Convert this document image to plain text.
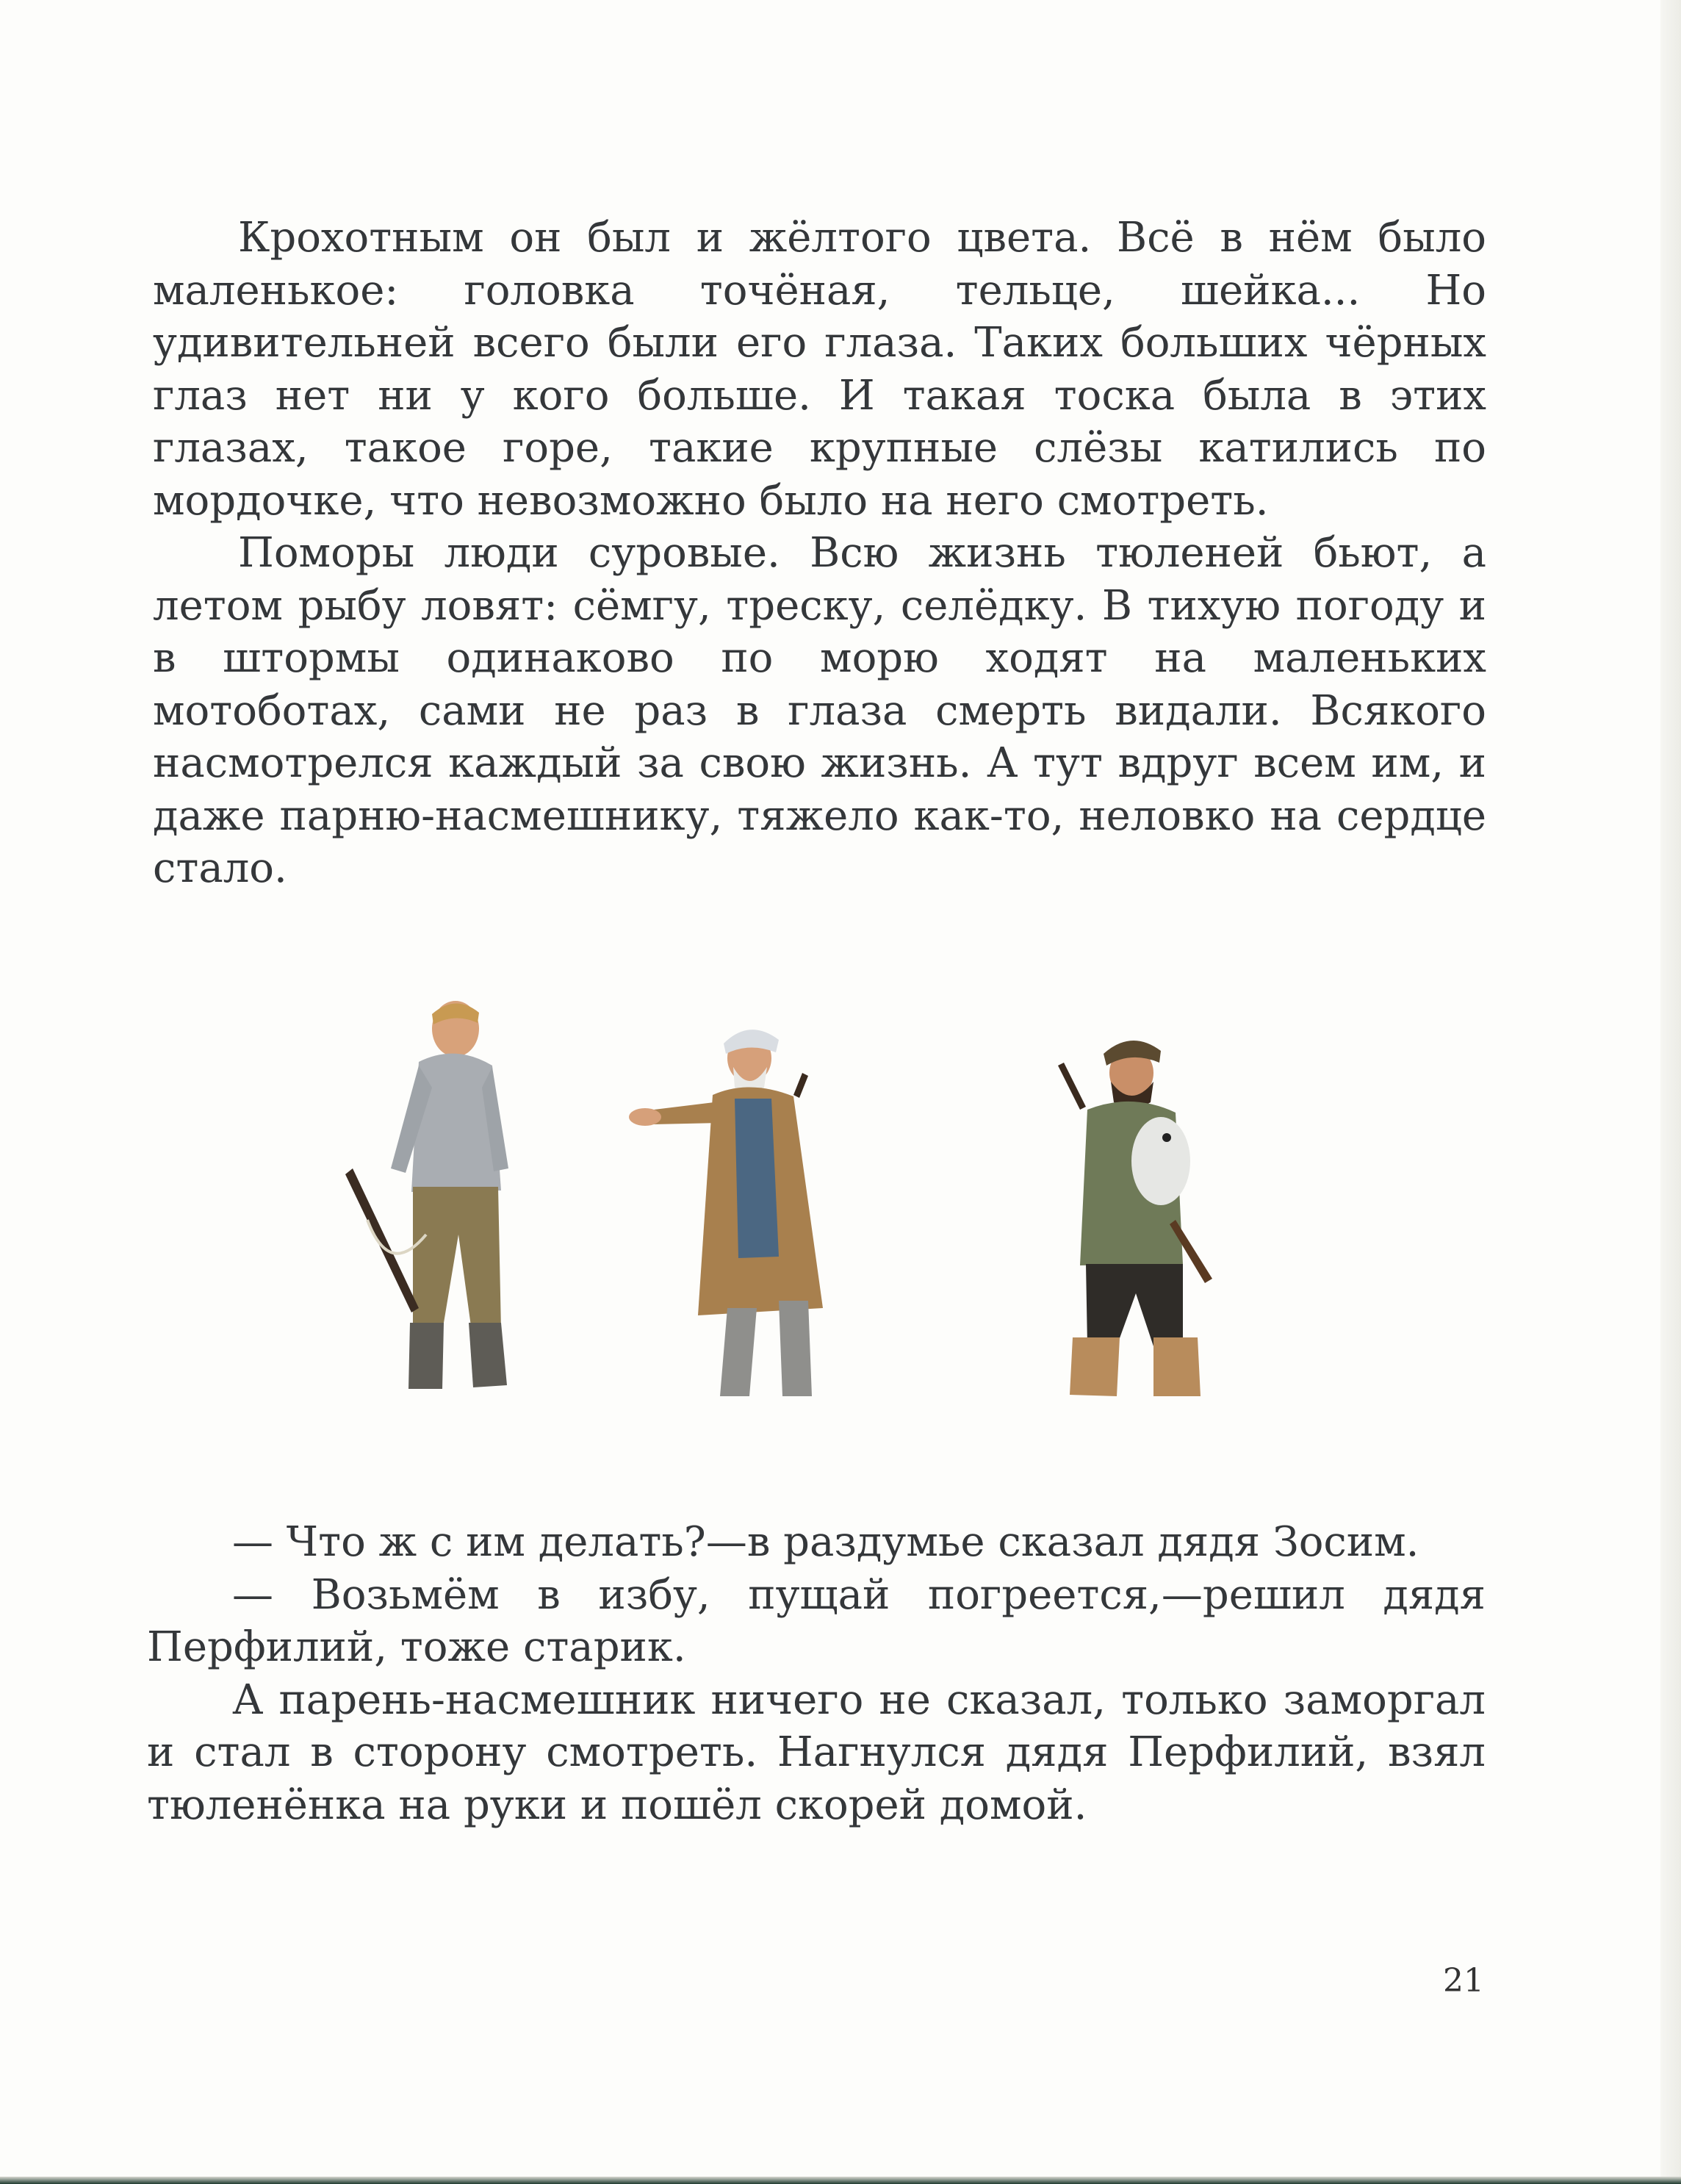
Крохотным он был и жёлтого цвета. Всё в нём было маленькое: головка точёная, тельце, шейка... Но удивительней всего были его глаза. Таких больших чёрных глаз нет ни у кого больше. И такая тоска была в этих глазах, такое горе, такие крупные слёзы катились по мордочке, что невозможно было на него смотреть.

Поморы люди суровые. Всю жизнь тюленей бьют, а летом рыбу ловят: сёмгу, треску, селёдку. В тихую погоду и в штормы одинаково по морю ходят на маленьких мотоботах, сами не раз в глаза смерть видали. Всякого насмотрелся каждый за свою жизнь. А тут вдруг всем им, и даже парню-насмешнику, тяжело как-то, неловко на сердце стало.

— Что ж с им делать?—в раздумье сказал дядя Зосим.

— Возьмём в избу, пущай погреется,—решил дядя Перфилий, тоже старик.

А парень-насмешник ничего не сказал, только заморгал и стал в сторону смотреть. Нагнулся дядя Перфилий, взял тюленёнка на руки и пошёл скорей домой.

21
